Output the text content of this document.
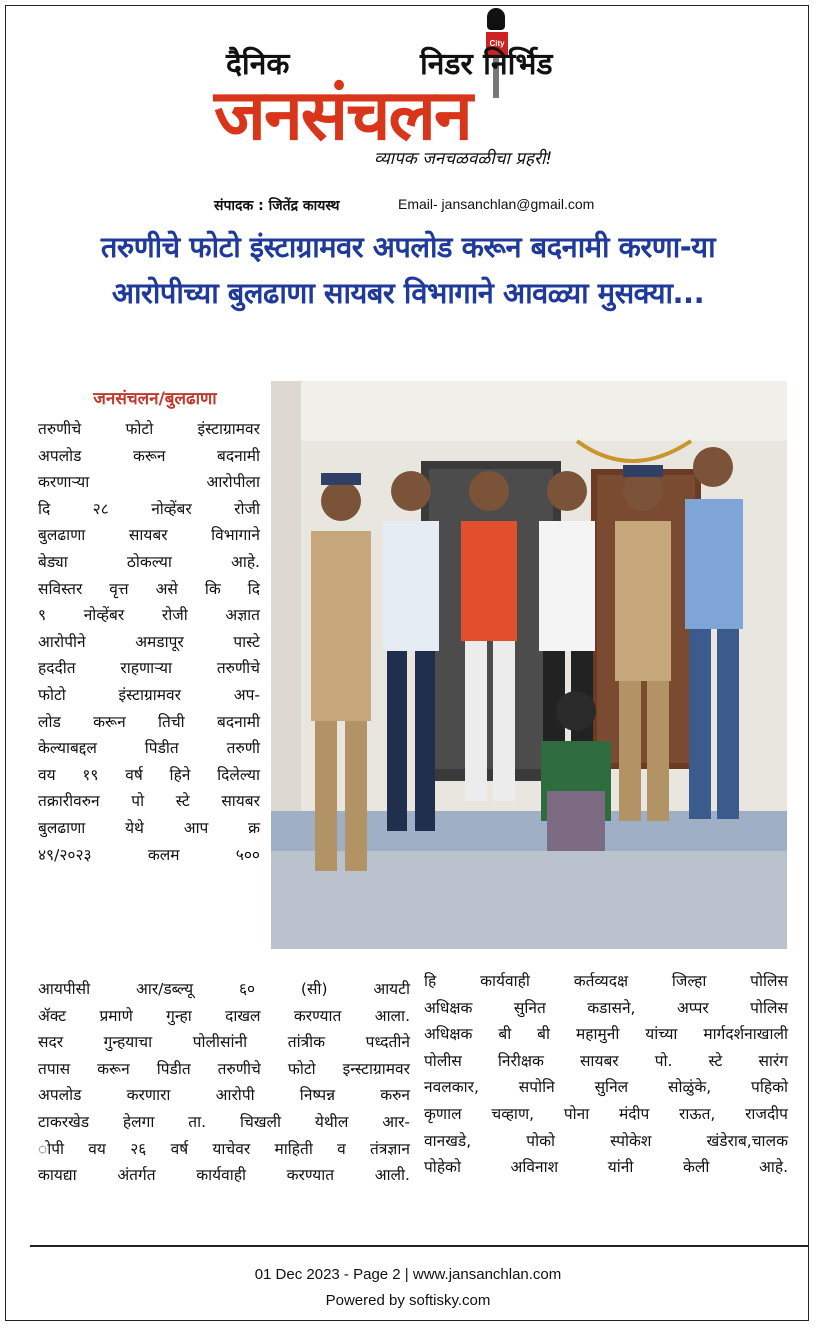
City
दैनिक	निडर निर्भिड
जनसंचलन
व्यापक जनचळवळीचा प्रहरी!
संपादक : जितेंद्र कायस्थ	Email- jansanchlan@gmail.com
तरुणीचे फोटो इंस्टाग्रामवर अपलोड करून बदनामी करणा-या
आरोपीच्या बुलढाणा सायबर विभागाने आवळ्या मुसक्या...
जनसंचलन/बुलढाणा

तरुणीचे फोटो इंस्टाग्रामवर

अपलोड करून बदनामी

करणाऱ्या आरोपीला

दि २८ नोव्हेंबर रोजी

बुलढाणा सायबर विभागाने

बेड्या ठोकल्या आहे.

सविस्तर वृत्त असे कि दि

९ नोव्हेंबर रोजी अज्ञात

आरोपीने अमडापूर पास्टे

हददीत राहणाऱ्या तरुणीचे

फोटो इंस्टाग्रामवर अप-

लोड करून तिची बदनामी

केल्याबद्दल पिडीत तरुणी

वय १९ वर्ष हिने दिलेल्या

तक्रारीवरुन पो स्टे सायबर

बुलढाणा येथे आप क्र

४९/२०२३ कलम ५००

आयपीसी आर/डब्ल्यू ६० (सी) आयटी

ॲक्ट प्रमाणे गुन्हा दाखल करण्यात आला.

सदर गुन्हयाचा पोलीसांनी तांत्रीक पध्दतीने

तपास करून पिडीत तरुणीचे फोटो इन्स्टाग्रामवर

अपलोड करणारा आरोपी निष्पन्न करुन

टाकरखेड हेलगा ता. चिखली येथील आर-

ोपी वय २६ वर्ष याचेवर माहिती व तंत्रज्ञान

कायद्या अंतर्गत कार्यवाही करण्यात आली.

हि कार्यवाही कर्तव्यदक्ष जिल्हा पोलिस

अधिक्षक सुनित कडासने, अप्पर पोलिस

अधिक्षक बी बी महामुनी यांच्या मार्गदर्शनाखाली

पोलीस निरीक्षक सायबर पो. स्टे सारंग

नवलकार, सपोनि सुनिल सोळुंके, पहिको

कृणाल चव्हाण, पोना मंदीप राऊत, राजदीप

वानखडे, पोको स्पोकेश खंडेराब,चालक

पोहेको अविनाश यांनी केली आहे.

01 Dec 2023 - Page 2 | www.jansanchlan.com
Powered by softisky.com
